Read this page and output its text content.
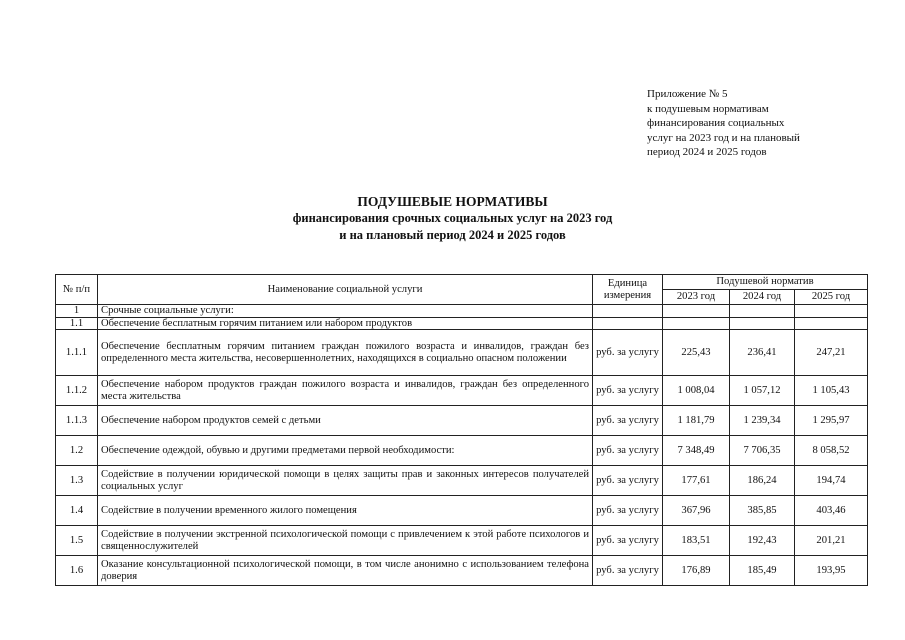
Приложение № 5
к подушевым нормативам
финансирования социальных
услуг на 2023 год и на плановый
период 2024 и 2025 годов
ПОДУШЕВЫЕ НОРМАТИВЫ
финансирования срочных социальных услуг на 2023 год
и на плановый период 2024 и 2025 годов
№ п/п	Наименование социальной услуги	Единица измерения	Подушевой норматив		
			2023 год	2024 год	2025 год
1	Срочные социальные услуги:				
1.1	Обеспечение бесплатным горячим питанием или набором продуктов				
1.1.1	Обеспечение бесплатным горячим питанием граждан пожилого возраста и инвалидов, граждан без определенного места жительства, несовершеннолетних, находящихся в социально опасном положении	руб. за услугу	225,43	236,41	247,21
1.1.2	Обеспечение набором продуктов граждан пожилого возраста и инвалидов, граждан без определенного места жительства	руб. за услугу	1 008,04	1 057,12	1 105,43
1.1.3	Обеспечение набором продуктов семей с детьми	руб. за услугу	1 181,79	1 239,34	1 295,97
1.2	Обеспечение одеждой, обувью и другими предметами первой необходимости:	руб. за услугу	7 348,49	7 706,35	8 058,52
1.3	Содействие в получении юридической помощи в целях защиты прав и законных интересов получателей социальных услуг	руб. за услугу	177,61	186,24	194,74
1.4	Содействие в получении временного жилого помещения	руб. за услугу	367,96	385,85	403,46
1.5	Содействие в получении экстренной психологической помощи с привлечением к этой работе психологов и священнослужителей	руб. за услугу	183,51	192,43	201,21
1.6	Оказание консультационной психологической помощи, в том числе анонимно с использованием телефона доверия	руб. за услугу	176,89	185,49	193,95
